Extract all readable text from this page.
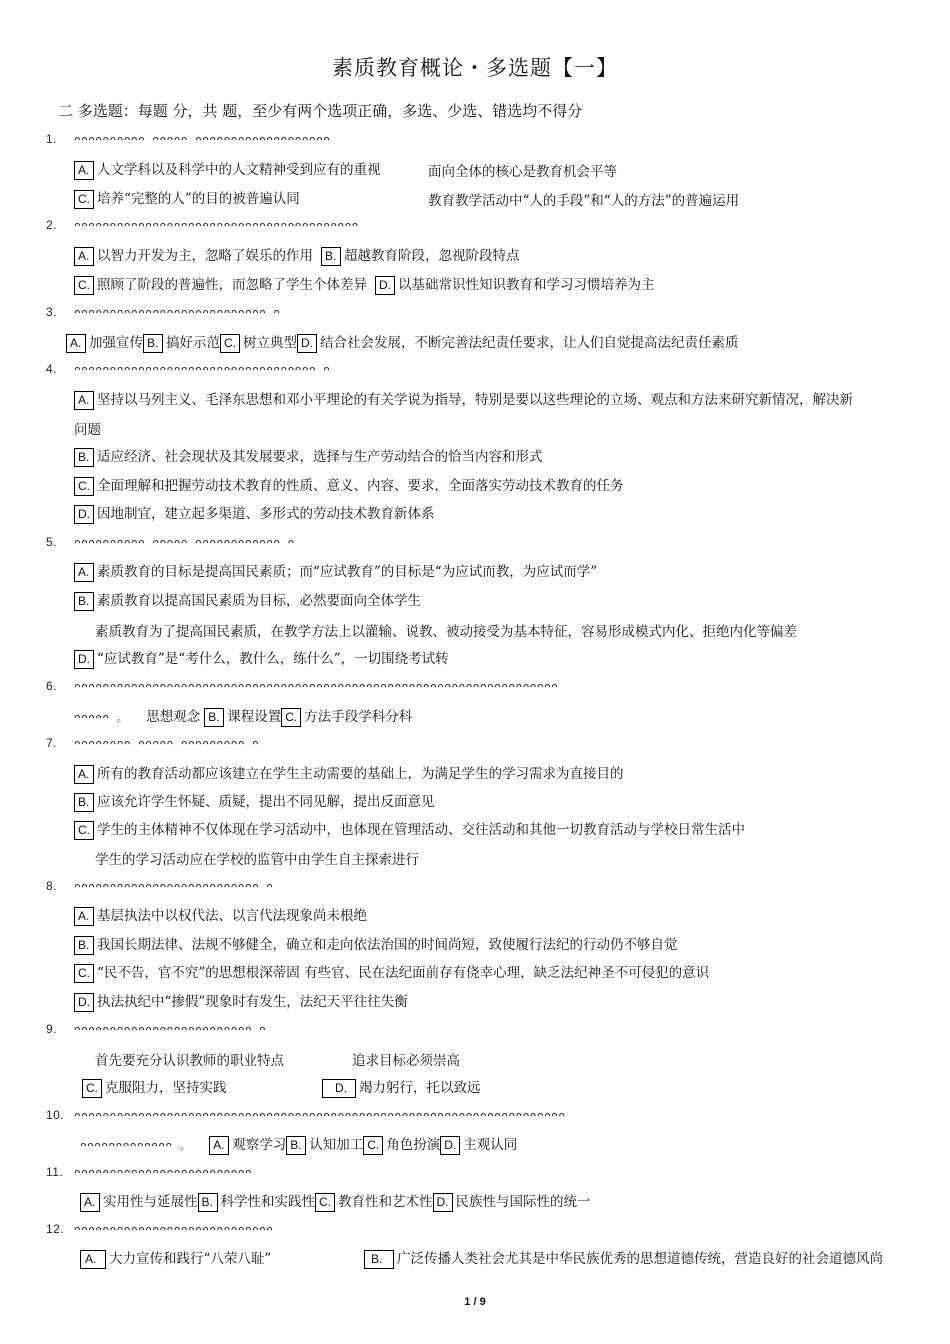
素质教育概论・多选题【一】
二 多选题：每题 分，共 题，至少有两个选项正确，多选、少选、错选均不得分
1. ᴖᴖᴖᴖᴖᴖᴖᴖᴖᴖ ᴖᴖᴖᴖᴖ ᴖᴖᴖᴖᴖᴖᴖᴖᴖᴖᴖᴖᴖᴖᴖᴖᴖᴖᴖ
A. 人文学科以及科学中的人文精神受到应有的重视	面向全体的核心是教育机会平等
C. 培养“完整的人”的目的被普遍认同	教育教学活动中“人的手段”和“人的方法”的普遍运用
2. ᴖᴖᴖᴖᴖᴖᴖᴖᴖᴖᴖᴖᴖᴖᴖᴖᴖᴖᴖᴖᴖᴖᴖᴖᴖᴖᴖᴖᴖᴖᴖᴖᴖᴖᴖᴖᴖᴖᴖᴖ
A. 以智力开发为主，忽略了娱乐的作用 B. 超越教育阶段，忽视阶段特点
C. 照顾了阶段的普遍性，而忽略了学生个体差异 D. 以基础常识性知识教育和学习习惯培养为主
3. ᴖᴖᴖᴖᴖᴖᴖᴖᴖᴖᴖᴖᴖᴖᴖᴖᴖᴖᴖᴖᴖᴖᴖᴖᴖᴖᴖ ᴖ
A. 加强宣传 B. 搞好示范 C. 树立典型 D. 结合社会发展，不断完善法纪责任要求，让人们自觉提高法纪责任素质
4. ᴖᴖᴖᴖᴖᴖᴖᴖᴖᴖᴖᴖᴖᴖᴖᴖᴖᴖᴖᴖᴖᴖᴖᴖᴖᴖᴖᴖᴖᴖᴖᴖᴖᴖ ᴖ
A. 坚持以马列主义、毛泽东思想和邓小平理论的有关学说为指导，特别是要以这些理论的立场、观点和方法来研究新情况，解决新
问题
B. 适应经济、社会现状及其发展要求，选择与生产劳动结合的恰当内容和形式
C. 全面理解和把握劳动技术教育的性质、意义、内容、要求，全面落实劳动技术教育的任务
D. 因地制宜，建立起多渠道、多形式的劳动技术教育新体系
5. ᴖᴖᴖᴖᴖᴖᴖᴖᴖᴖ ᴖᴖᴖᴖᴖ ᴖᴖᴖᴖᴖᴖᴖᴖᴖᴖᴖᴖ ᴖ
A. 素质教育的目标是提高国民素质；而“应试教育”的目标是“为应试而教，为应试而学”
B. 素质教育以提高国民素质为目标，必然要面向全体学生
素质教育为了提高国民素质，在教学方法上以灌输、说教、被动接受为基本特征，容易形成模式内化、拒绝内化等偏差
D. “应试教育”是“考什么，教什么，练什么”，一切围绕考试转
6. ᴖᴖᴖᴖᴖᴖᴖᴖᴖᴖᴖᴖᴖᴖᴖᴖᴖᴖᴖᴖᴖᴖᴖᴖᴖᴖᴖᴖᴖᴖᴖᴖᴖᴖᴖᴖᴖᴖᴖᴖᴖᴖᴖᴖᴖᴖᴖᴖᴖᴖᴖᴖᴖᴖᴖᴖᴖᴖᴖᴖᴖᴖᴖᴖᴖᴖᴖᴖ
ᴖᴖᴖᴖᴖ 。 思想观念 B. 课程设置 C. 方法手段学科分科
7. ᴖᴖᴖᴖᴖᴖᴖᴖ ᴖᴖᴖᴖᴖ ᴖᴖᴖᴖᴖᴖᴖᴖᴖ ᴖ
A. 所有的教育活动都应该建立在学生主动需要的基础上，为满足学生的学习需求为直接目的
B. 应该允许学生怀疑、质疑，提出不同见解，提出反面意见
C. 学生的主体精神不仅体现在学习活动中，也体现在管理活动、交往活动和其他一切教育活动与学校日常生活中
学生的学习活动应在学校的监管中由学生自主探索进行
8. ᴖᴖᴖᴖᴖᴖᴖᴖᴖᴖᴖᴖᴖᴖᴖᴖᴖᴖᴖᴖᴖᴖᴖᴖᴖᴖ ᴖ
A. 基层执法中以权代法、以言代法现象尚未根绝
B. 我国长期法律、法规不够健全，确立和走向依法治国的时间尚短，致使履行法纪的行动仍不够自觉
C. “民不告，官不究”的思想根深蒂固 有些官、民在法纪面前存有侥幸心理，缺乏法纪神圣不可侵犯的意识
D. 执法执纪中“掺假”现象时有发生，法纪天平往往失衡
9. ᴖᴖᴖᴖᴖᴖᴖᴖᴖᴖᴖᴖᴖᴖᴖᴖᴖᴖᴖᴖᴖᴖᴖᴖᴖ ᴖ
首先要充分认识教师的职业特点	追求目标必须崇高
C. 克服阻力，坚持实践	D. 竭力躬行，托以致远
10. ᴖᴖᴖᴖᴖᴖᴖᴖᴖᴖᴖᴖᴖᴖᴖᴖᴖᴖᴖᴖᴖᴖᴖᴖᴖᴖᴖᴖᴖᴖᴖᴖᴖᴖᴖᴖᴖᴖᴖᴖᴖᴖᴖᴖᴖᴖᴖᴖᴖᴖᴖᴖᴖᴖᴖᴖᴖᴖᴖᴖᴖᴖᴖᴖᴖᴖᴖᴖᴖ
ᴖᴖᴖᴖᴖᴖᴖᴖᴖᴖᴖᴖᴖ 。 A. 观察学习 B. 认知加工 C. 角色扮演 D. 主观认同
11. ᴖᴖᴖᴖᴖᴖᴖᴖᴖᴖᴖᴖᴖᴖᴖᴖᴖᴖᴖᴖᴖᴖᴖᴖᴖ
A. 实用性与延展性 B. 科学性和实践性 C. 教育性和艺术性 D. 民族性与国际性的统一
12. ᴖᴖᴖᴖᴖᴖᴖᴖᴖᴖᴖᴖᴖᴖᴖᴖᴖᴖᴖᴖᴖᴖᴖᴖᴖᴖᴖᴖ
A. 大力宣传和践行“八荣八耻”	B. 广泛传播人类社会尤其是中华民族优秀的思想道德传统，营造良好的社会道德风尚
1 / 9
